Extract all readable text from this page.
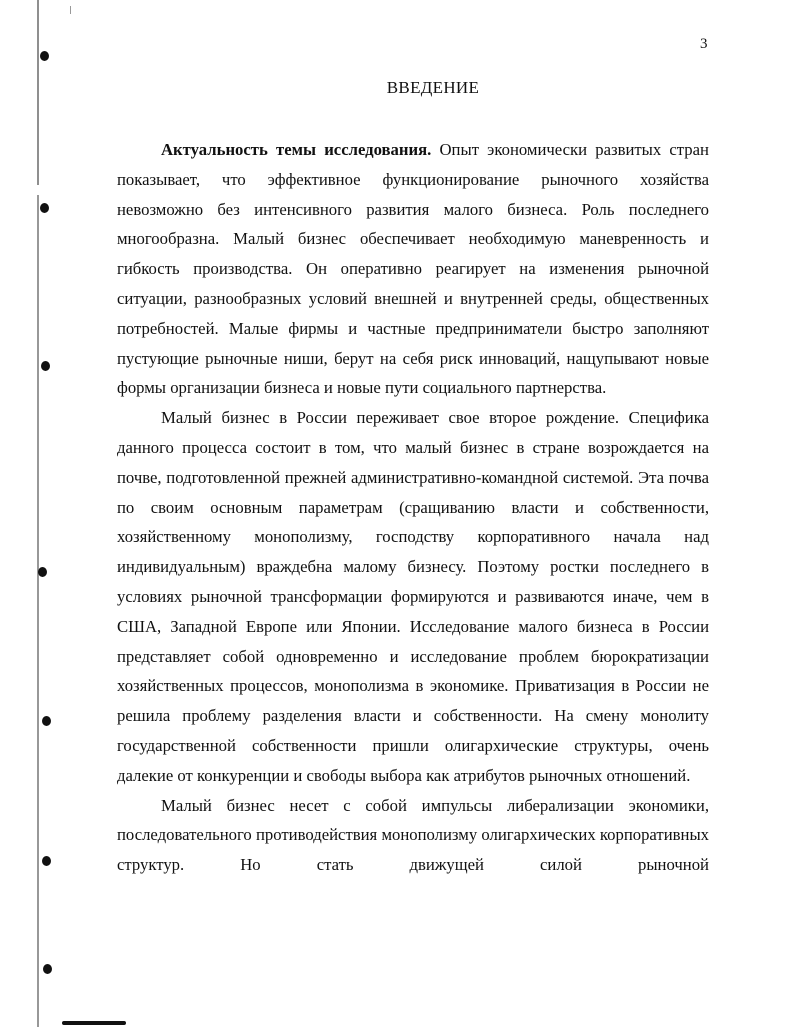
3
ВВЕДЕНИЕ

Актуальность темы исследования. Опыт экономически развитых стран показывает, что эффективное функционирование рыночного хозяйства невозможно без интенсивного развития малого бизнеса. Роль последнего многообразна. Малый бизнес обеспечивает необходимую маневренность и гибкость производства. Он оперативно реагирует на изменения рыночной ситуации, разнообразных условий внешней и внутренней среды, общественных потребностей. Малые фирмы и частные предприниматели быстро заполняют пустующие рыночные ниши, берут на себя риск инноваций, нащупывают новые формы организации бизнеса и новые пути социального партнерства.

Малый бизнес в России переживает свое второе рождение. Специфика данного процесса состоит в том, что малый бизнес в стране возрождается на почве, подготовленной прежней административно-командной системой. Эта почва по своим основным параметрам (сращиванию власти и собственности, хозяйственному монополизму, господству корпоративного начала над индивидуальным) враждебна малому бизнесу. Поэтому ростки последнего в условиях рыночной трансформации формируются и развиваются иначе, чем в США, Западной Европе или Японии. Исследование малого бизнеса в России представляет собой одновременно и исследование проблем бюрократизации хозяйственных процессов, монополизма в экономике. Приватизация в России не решила проблему разделения власти и собственности. На смену монолиту государственной собственности пришли олигархические структуры, очень далекие от конкуренции и свободы выбора как атрибутов рыночных отношений.

Малый бизнес несет с собой импульсы либерализации экономики, последовательного противодействия монополизму олигархических корпоративных структур. Но стать движущей силой рыночной
